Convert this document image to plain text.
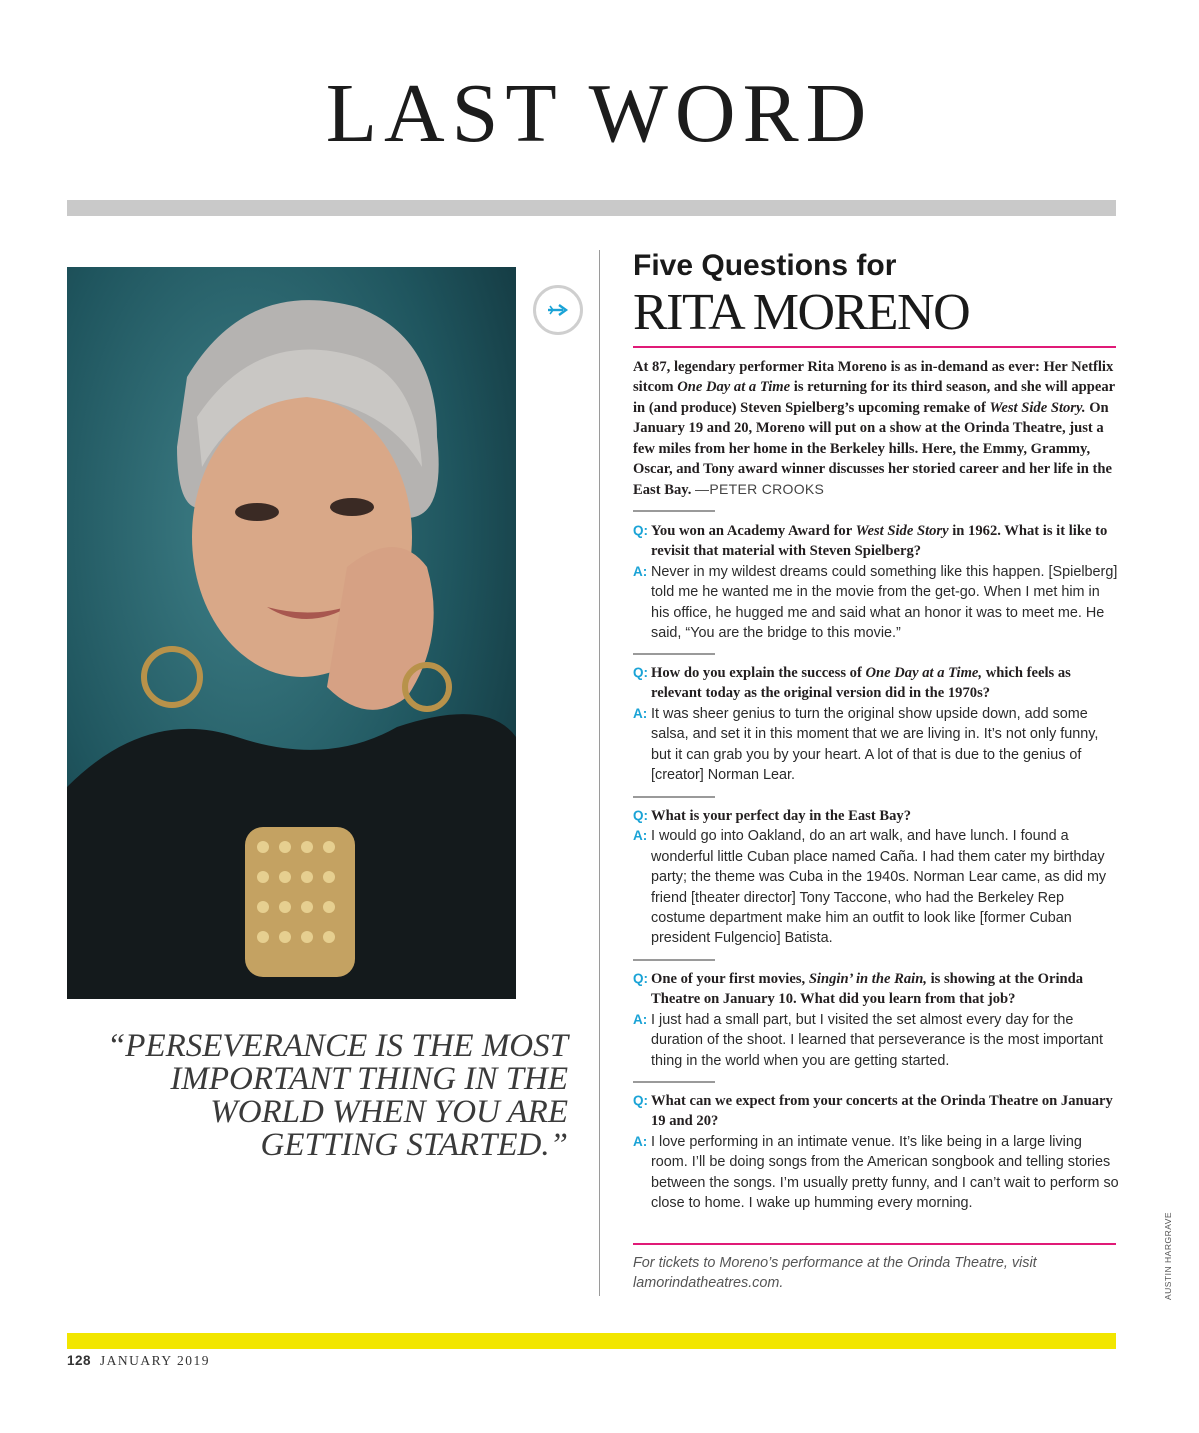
LAST WORD
“PERSEVERANCE IS THE MOST IMPORTANT THING IN THE WORLD WHEN YOU ARE GETTING STARTED.”
Five Questions for
RITA MORENO
At 87, legendary performer Rita Moreno is as in-demand as ever: Her Netflix sitcom One Day at a Time is returning for its third season, and she will appear in (and produce) Steven Spielberg’s upcoming remake of West Side Story. On January 19 and 20, Moreno will put on a show at the Orinda Theatre, just a few miles from her home in the Berkeley hills. Here, the Emmy, Grammy, Oscar, and Tony award winner discusses her storied career and her life in the East Bay. —PETER CROOKS
Q: You won an Academy Award for West Side Story in 1962. What is it like to revisit that material with Steven Spielberg?
A: Never in my wildest dreams could something like this happen. [Spielberg] told me he wanted me in the movie from the get-go. When I met him in his office, he hugged me and said what an honor it was to meet me. He said, “You are the bridge to this movie.”
Q: How do you explain the success of One Day at a Time, which feels as relevant today as the original version did in the 1970s?
A: It was sheer genius to turn the original show upside down, add some salsa, and set it in this moment that we are living in. It’s not only funny, but it can grab you by your heart. A lot of that is due to the genius of [creator] Norman Lear.
Q: What is your perfect day in the East Bay?
A: I would go into Oakland, do an art walk, and have lunch. I found a wonderful little Cuban place named Caña. I had them cater my birthday party; the theme was Cuba in the 1940s. Norman Lear came, as did my friend [theater director] Tony Taccone, who had the Berkeley Rep costume department make him an outfit to look like [former Cuban president Fulgencio] Batista.
Q: One of your first movies, Singin’ in the Rain, is showing at the Orinda Theatre on January 10. What did you learn from that job?
A: I just had a small part, but I visited the set almost every day for the duration of the shoot. I learned that perseverance is the most important thing in the world when you are getting started.
Q: What can we expect from your concerts at the Orinda Theatre on January 19 and 20?
A: I love performing in an intimate venue. It’s like being in a large living room. I’ll be doing songs from the American songbook and telling stories between the songs. I’m usually pretty funny, and I can’t wait to perform so close to home. I wake up humming every morning.
For tickets to Moreno’s performance at the Orinda Theatre, visit lamorindatheatres.com.	AUSTIN HARGRAVE
128 JANUARY 2019
